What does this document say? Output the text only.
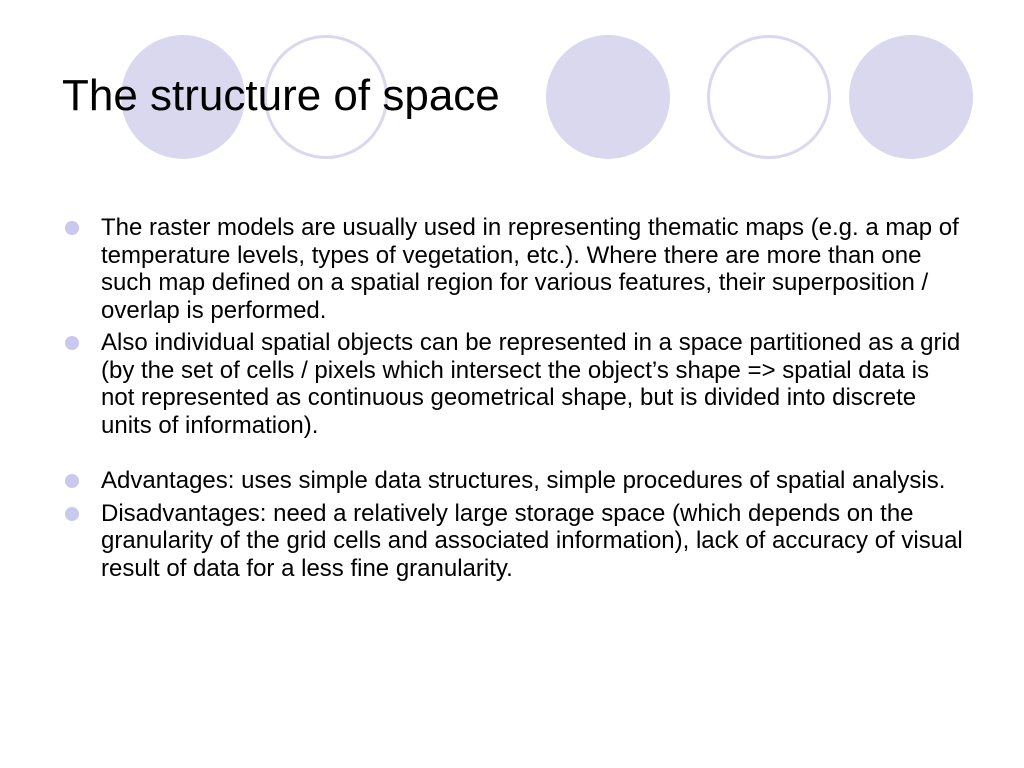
The structure of space
The raster models are usually used in representing thematic maps (e.g. a map of temperature levels, types of vegetation, etc.). Where there are more than one such map defined on a spatial region for various features, their superposition / overlap is performed.
Also individual spatial objects can be represented in a space partitioned as a grid (by the set of cells / pixels which intersect the object’s shape => spatial data is not represented as continuous geometrical shape, but is divided into discrete units of information).
Advantages: uses simple data structures, simple procedures of spatial analysis.
Disadvantages: need a relatively large storage space (which depends on the granularity of the grid cells and associated information), lack of accuracy of visual result of data for a less fine granularity.
